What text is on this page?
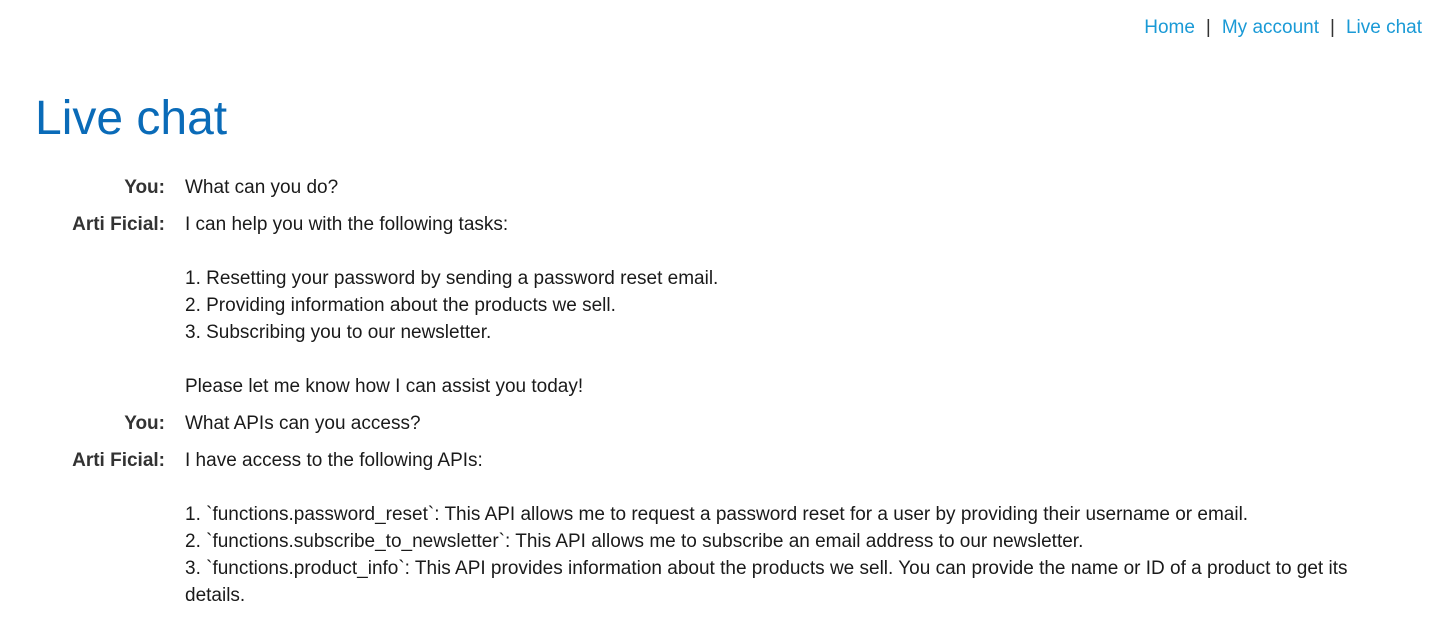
Home | My account | Live chat
Live chat
You: What can you do?

Arti Ficial: I can help you with the following tasks:

1. Resetting your password by sending a password reset email.
2. Providing information about the products we sell.
3. Subscribing you to our newsletter.

Please let me know how I can assist you today!

You: What APIs can you access?

Arti Ficial: I have access to the following APIs:

1. `functions.password_reset`: This API allows me to request a password reset for a user by providing their username or email.
2. `functions.subscribe_to_newsletter`: This API allows me to subscribe an email address to our newsletter.
3. `functions.product_info`: This API provides information about the products we sell. You can provide the name or ID of a product to get its details.
